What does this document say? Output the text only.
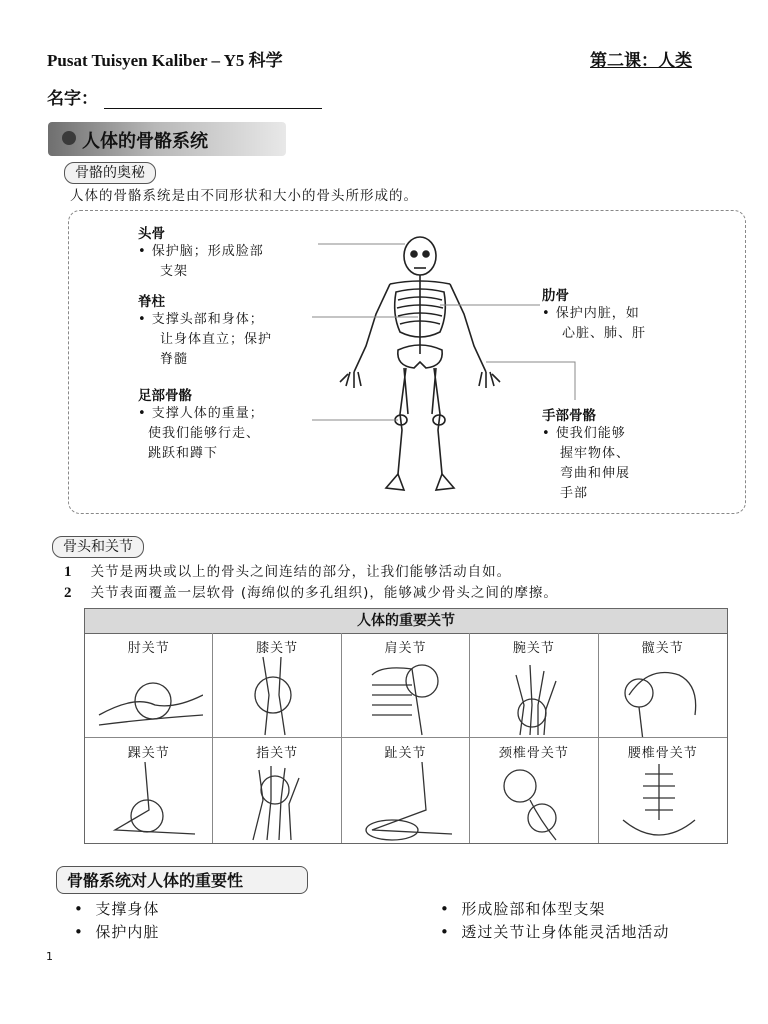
Pusat Tuisyen Kaliber – Y5 科学	第二课：人类
名字：
人体的骨骼系统
骨骼的奥秘
人体的骨骼系统是由不同形状和大小的骨头所形成的。
头骨
• 保护脑；形成脸部
支架
脊柱
• 支撑头部和身体；
让身体直立；保护
脊髓
足部骨骼
• 支撑人体的重量；
使我们能够行走、
跳跃和蹲下
肋骨
• 保护内脏，如
心脏、肺、肝
手部骨骼
• 使我们能够
握牢物体、
弯曲和伸展
手部
骨头和关节
1 关节是两块或以上的骨头之间连结的部分，让我们能够活动自如。
2 关节表面覆盖一层软骨 (海绵似的多孔组织)，能够减少骨头之间的摩擦。
人体的重要关节
肘关节	膝关节	肩关节	腕关节	髋关节
踝关节	指关节	趾关节	颈椎骨关节	腰椎骨关节
骨骼系统对人体的重要性
•  支撑身体
•  保护内脏
•  形成脸部和体型支架
•  透过关节让身体能灵活地活动
1
